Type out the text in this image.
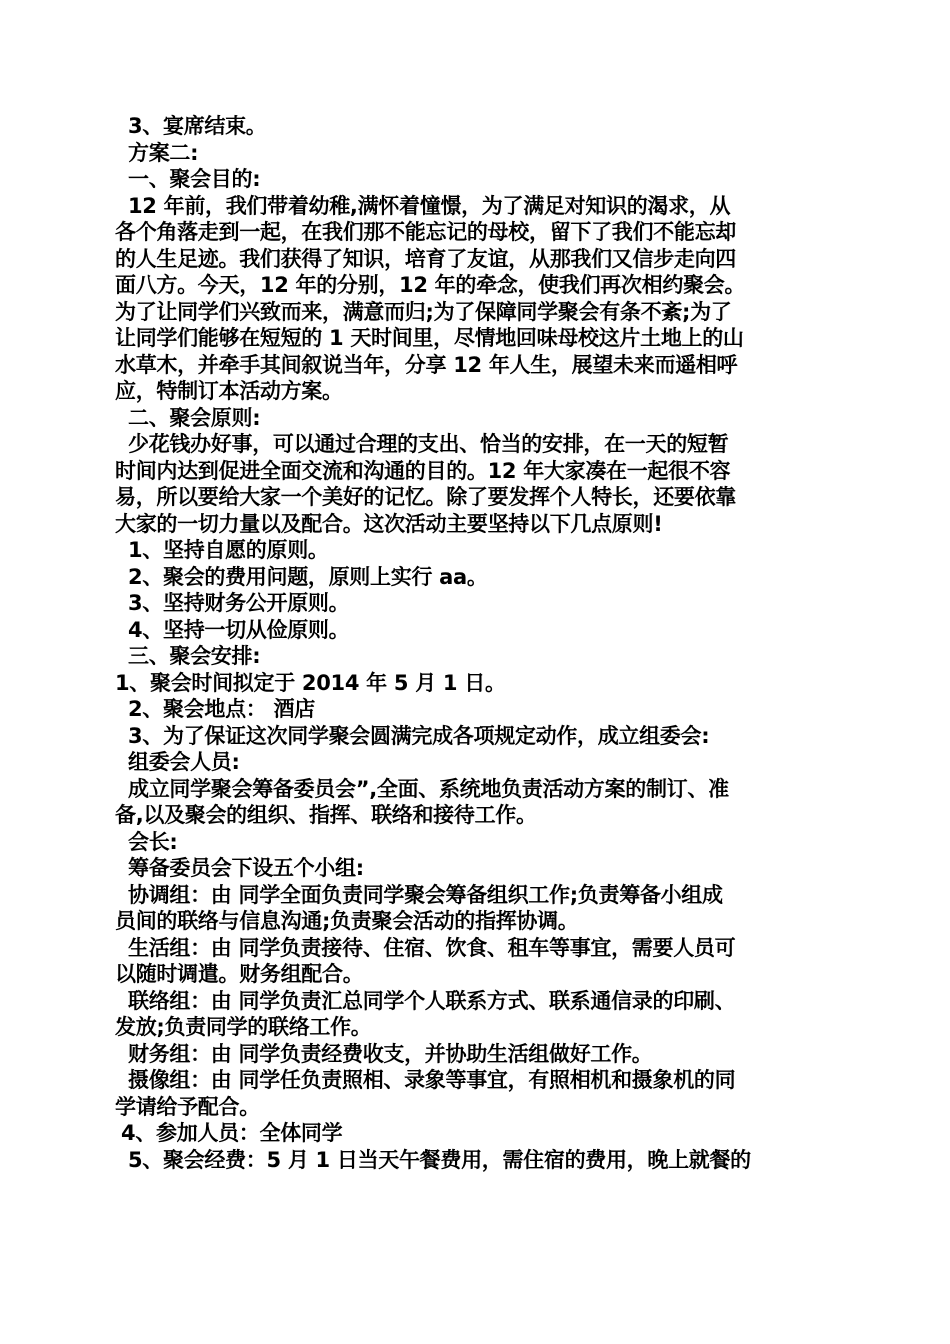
3、宴席结束。
方案二:
一、聚会目的:
12 年前，我们带着幼稚,满怀着憧憬，为了满足对知识的渴求，从
各个角落走到一起，在我们那不能忘记的母校，留下了我们不能忘却
的人生足迹。我们获得了知识，培育了友谊，从那我们又信步走向四
面八方。今天，12 年的分别，12 年的牵念，使我们再次相约聚会。
为了让同学们兴致而来，满意而归;为了保障同学聚会有条不紊;为了
让同学们能够在短短的 1 天时间里，尽情地回味母校这片土地上的山
水草木，并牵手其间叙说当年，分享 12 年人生，展望未来而遥相呼
应，特制订本活动方案。
二、聚会原则:
少花钱办好事，可以通过合理的支出、恰当的安排，在一天的短暂
时间内达到促进全面交流和沟通的目的。12 年大家凑在一起很不容
易，所以要给大家一个美好的记忆。除了要发挥个人特长，还要依靠
大家的一切力量以及配合。这次活动主要坚持以下几点原则!
1、坚持自愿的原则。
2、聚会的费用问题，原则上实行 aa。
3、坚持财务公开原则。
4、坚持一切从俭原则。
三、聚会安排:
1、聚会时间拟定于 2014 年 5 月 1 日。
2、聚会地点： 酒店
3、为了保证这次同学聚会圆满完成各项规定动作，成立组委会:
组委会人员:
成立同学聚会筹备委员会”,全面、系统地负责活动方案的制订、准
备,以及聚会的组织、指挥、联络和接待工作。
会长:
筹备委员会下设五个小组:
协调组：由 同学全面负责同学聚会筹备组织工作;负责筹备小组成
员间的联络与信息沟通;负责聚会活动的指挥协调。
生活组：由 同学负责接待、住宿、饮食、租车等事宜，需要人员可
以随时调遣。财务组配合。
联络组：由 同学负责汇总同学个人联系方式、联系通信录的印刷、
发放;负责同学的联络工作。
财务组：由 同学负责经费收支，并协助生活组做好工作。
摄像组：由 同学任负责照相、录象等事宜，有照相机和摄象机的同
学请给予配合。
4、参加人员：全体同学
5、聚会经费：5 月 1 日当天午餐费用，需住宿的费用，晚上就餐的
